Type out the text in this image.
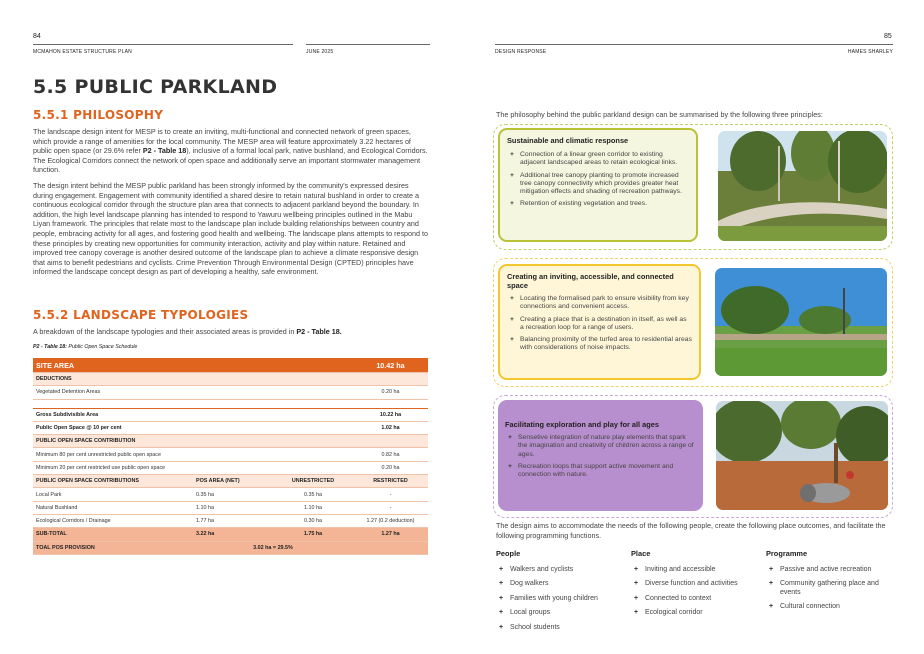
84
MCMAHON ESTATE STRUCTURE PLAN	JUNE 2025
5.5 PUBLIC PARKLAND
5.5.1 PHILOSOPHY

The landscape design intent for MESP is to create an inviting, multi-functional and connected network of green spaces, which provide a range of amenities for the local community. The MESP area will feature approximately 3.22 hectares of public open space (or 29.6% refer P2 - Table 18), inclusive of a formal local park, native bushland, and Ecological Corridors. The Ecological Corridors connect the network of open space and additionally serve an important stormwater management function.

The design intent behind the MESP public parkland has been strongly informed by the community's expressed desires during engagement. Engagement with community identified a shared desire to retain natural bushland in order to create a continuous ecological corridor through the structure plan area that connects to adjacent parkland beyond the boundary. In addition, the high level landscape planning has intended to respond to Yawuru wellbeing principles outlined in the Mabu Liyan framework. The principles that relate most to the landscape plan include building relationships between country and people, embracing activity for all ages, and fostering good health and wellbeing. The landscape plans attempts to respond to these principles by creating new opportunities for community interaction, activity and play within nature. Retained and improved tree canopy coverage is another desired outcome of the landscape plan to achieve a climate responsive design that aims to benefit pedestrians and cyclists. Crime Prevention Through Environmental Design (CPTED) principles have informed the landscape concept design as part of developing a healthy, safe environment.

5.5.2 LANDSCAPE TYPOLOGIES

A breakdown of the landscape typologies and their associated areas is provided in P2 - Table 18.

P2 - Table 18: Public Open Space Schedule
SITE AREA			10.42 ha
DEDUCTIONS			
Vegetated Detention Areas			0.20 ha

Gross Subdivisible Area			10.22 ha
Public Open Space @ 10 per cent			1.02 ha
PUBLIC OPEN SPACE CONTRIBUTION			
Minimum 80 per cent unrestricted public open space			0.82 ha
Minimum 20 per cent restricted use public open space			0.20 ha
PUBLIC OPEN SPACE CONTRIBUTIONS	POS AREA (NET)	UNRESTRICTED	RESTRICTED
Local Park	0.35 ha	0.35 ha	-
Natural Bushland	1.10 ha	1.10 ha	-
Ecological Corridors / Drainage	1.77 ha	0.30 ha	1.27 (0.2 deduction)
SUB-TOTAL	3.22 ha	1.75 ha	1.27 ha
TOAL POS PROVISION	3.02 ha = 29.5%		
85
DESIGN RESPONSE	HAMES SHARLEY

The philosophy behind the public parkland design can be summarised by the following three principles:

Sustainable and climatic response
+ Connection of a linear green corridor to existing adjacent landscaped areas to retain ecological links.
+ Additional tree canopy planting to promote increased tree canopy connectivity which provides greater heat mitigation effects and shading of recreation pathways.
+ Retention of existing vegetation and trees.
Creating an inviting, accessible, and connected space
+ Locating the formalised park to ensure visibility from key connections and convenient access.
+ Creating a place that is a destination in itself, as well as a recreation loop for a range of users.
+ Balancing proximity of the turfed area to residential areas with considerations of noise impacts.
Facilitating exploration and play for all ages
+ Sensetive integration of nature play elements that spark the imagination and creativity of children across a range of ages.
+ Recreation loops that support active movement and connection with nature.

The design aims to accommodate the needs of the following people, create the following place outcomes, and facilitate the following programming functions.

People
+ Walkers and cyclists
+ Dog walkers
+ Families with young children
+ Local groups
+ School students
Place
+ Inviting and accessible
+ Diverse function and activities
+ Connected to context
+ Ecological corridor
Programme
+ Passive and active recreation
+ Community gathering place and events
+ Cultural connection
